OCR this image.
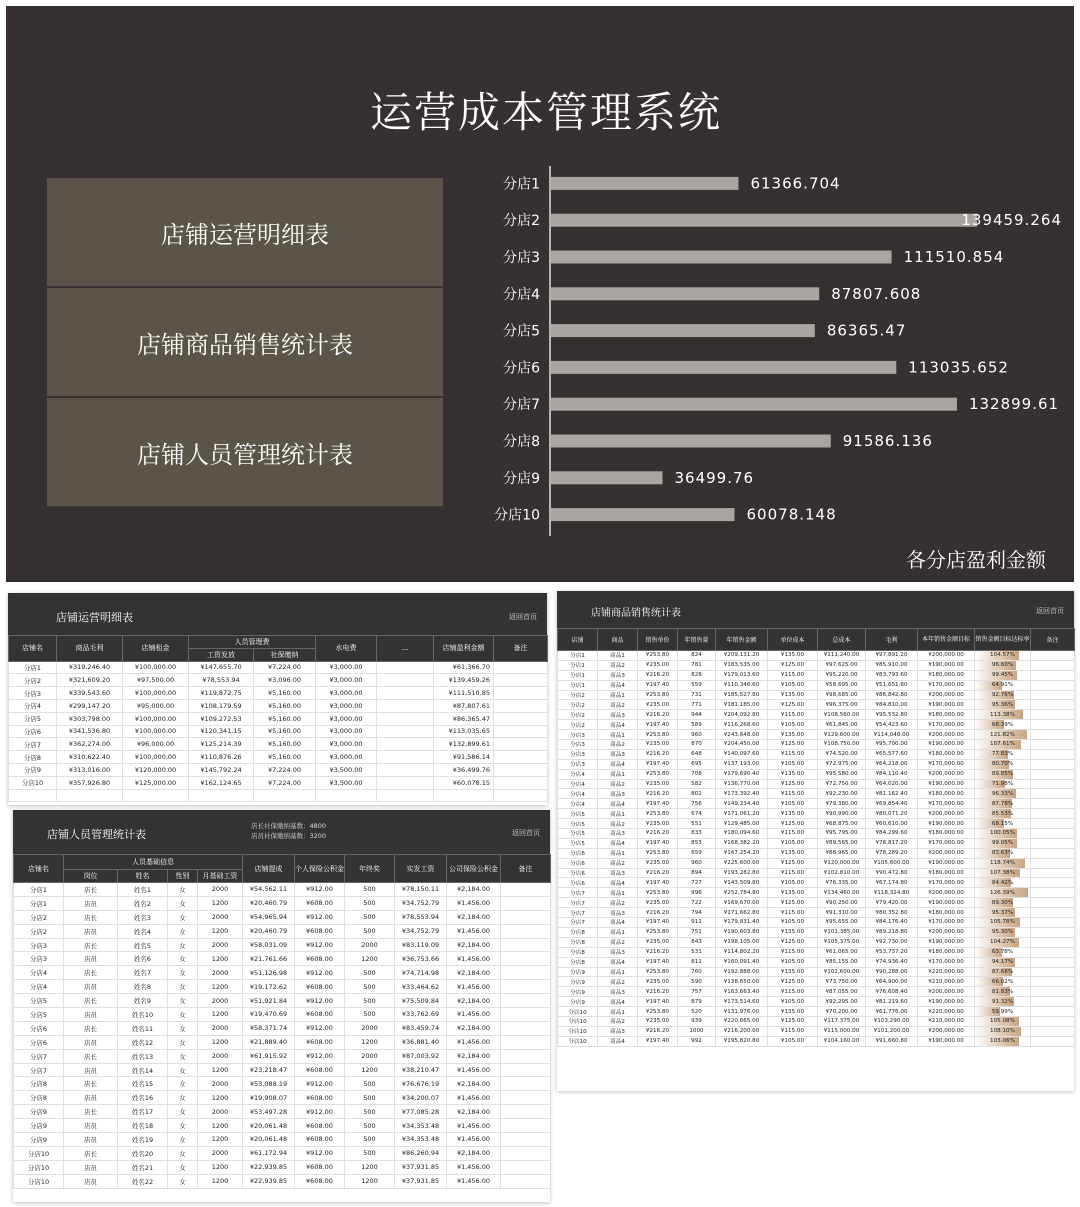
运营成本管理系统
店铺运营明细表
店铺商品销售统计表
店铺人员管理统计表
分店1	61366.704
分店2	139459.264
分店3	111510.854
分店4	87807.608
分店5	86365.47
分店6	113035.652
分店7	132899.61
分店8	91586.136
分店9	36499.76
分店10	60078.148
各分店盈利金额
店铺运营明细表	返回首页
店铺名	商品毛利	店铺租金	人员管理费		水电费	...	店铺盈利金额	备注
			工资发放	社保缴纳				
分店1	¥319,246.40	¥100,000.00	¥147,655.70	¥7,224.00	¥3,000.00		¥61,366.70	
分店2	¥321,609.20	¥97,500.00	¥78,553.94	¥3,096.00	¥3,000.00		¥139,459.26	
分店3	¥339,543.60	¥100,000.00	¥119,872.75	¥5,160.00	¥3,000.00		¥111,510.85	
分店4	¥299,147.20	¥95,000.00	¥108,179.59	¥5,160.00	¥3,000.00		¥87,807.61	
分店5	¥303,798.00	¥100,000.00	¥109,272.53	¥5,160.00	¥3,000.00		¥86,365.47	
分店6	¥341,536.80	¥100,000.00	¥120,341.15	¥5,160.00	¥3,000.00		¥113,035.65	
分店7	¥362,274.00	¥96,000.00	¥125,214.39	¥5,160.00	¥3,000.00		¥132,899.61	
分店8	¥310,622.40	¥100,000.00	¥110,876.26	¥5,160.00	¥3,000.00		¥91,586.14	
分店9	¥313,016.00	¥120,000.00	¥145,792.24	¥7,224.00	¥3,500.00		¥36,499.76	
分店10	¥357,926.80	¥125,000.00	¥162,124.65	¥7,224.00	¥3,500.00		¥60,078.15	

店铺人员管理统计表
店长社保缴纳基数：4800
店员社保缴纳基数：3200	返回首页
店铺名	人员基础信息				店铺提成	个人保险公积金	年终奖	实发工资	公司保险公积金	备注
	岗位	姓名	性别	月基础工资						
分店1	店长	姓名1	女	2000	¥54,562.11	¥912.00	500	¥78,150.11	¥2,184.00	
分店1	店员	姓名2	女	1200	¥20,460.79	¥608.00	500	¥34,752.79	¥1,456.00	
分店2	店长	姓名3	女	2000	¥54,965.94	¥912.00	500	¥78,553.94	¥2,184.00	
分店2	店员	姓名4	女	1200	¥20,460.79	¥608.00	500	¥34,752.79	¥1,456.00	
分店3	店长	姓名5	女	2000	¥58,031.09	¥912.00	2000	¥83,119.09	¥2,184.00	
分店3	店员	姓名6	女	1200	¥21,761.66	¥608.00	1200	¥36,753.66	¥1,456.00	
分店4	店长	姓名7	女	2000	¥51,126.98	¥912.00	500	¥74,714.98	¥2,184.00	
分店4	店员	姓名8	女	1200	¥19,172.62	¥608.00	500	¥33,464.62	¥1,456.00	
分店5	店长	姓名9	女	2000	¥51,921.84	¥912.00	500	¥75,509.84	¥2,184.00	
分店5	店员	姓名10	女	1200	¥19,470.69	¥608.00	500	¥33,762.69	¥1,456.00	
分店6	店长	姓名11	女	2000	¥58,371.74	¥912.00	2000	¥83,459.74	¥2,184.00	
分店6	店员	姓名12	女	1200	¥21,889.40	¥608.00	1200	¥36,881.40	¥1,456.00	
分店7	店长	姓名13	女	2000	¥61,915.92	¥912.00	2000	¥87,003.92	¥2,184.00	
分店7	店员	姓名14	女	1200	¥23,218.47	¥608.00	1200	¥38,210.47	¥1,456.00	
分店8	店长	姓名15	女	2000	¥53,088.19	¥912.00	500	¥76,676.19	¥2,184.00	
分店8	店员	姓名16	女	1200	¥19,908.07	¥608.00	500	¥34,200.07	¥1,456.00	
分店9	店长	姓名17	女	2000	¥53,497.28	¥912.00	500	¥77,085.28	¥2,184.00	
分店9	店员	姓名18	女	1200	¥20,061.48	¥608.00	500	¥34,353.48	¥1,456.00	
分店9	店员	姓名19	女	1200	¥20,061.48	¥608.00	500	¥34,353.48	¥1,456.00	
分店10	店长	姓名20	女	2000	¥61,172.94	¥912.00	500	¥86,260.94	¥2,184.00	
分店10	店员	姓名21	女	1200	¥22,939.85	¥608.00	1200	¥37,931.85	¥1,456.00	
分店10	店员	姓名22	女	1200	¥22,939.85	¥608.00	1200	¥37,931.85	¥1,456.00	
店铺商品销售统计表	返回首页
店铺	商品	销售单价	年销售量	年销售金额	单位成本	总成本	毛利	本年销售金额目标	销售金额目标达标率	备注
分店1	商品1	¥253.80	824	¥209,131.20	¥135.00	¥111,240.00	¥97,891.20	¥200,000.00	104.57%	
分店1	商品2	¥235.00	781	¥183,535.00	¥125.00	¥97,625.00	¥85,910.00	¥190,000.00	96.60%	
分店1	商品3	¥216.20	828	¥179,013.60	¥115.00	¥95,220.00	¥83,793.60	¥180,000.00	99.45%	
分店1	商品4	¥197.40	559	¥110,346.60	¥105.00	¥58,695.00	¥51,651.60	¥170,000.00	64.91%	
分店2	商品1	¥253.80	731	¥185,527.80	¥135.00	¥98,685.00	¥86,842.80	¥200,000.00	92.76%	
分店2	商品2	¥235.00	771	¥181,185.00	¥125.00	¥96,375.00	¥84,810.00	¥190,000.00	95.36%	
分店2	商品3	¥216.20	944	¥204,092.80	¥115.00	¥108,560.00	¥95,532.80	¥180,000.00	113.38%	
分店2	商品4	¥197.40	589	¥116,268.60	¥105.00	¥61,845.00	¥54,423.60	¥170,000.00	68.39%	
分店3	商品1	¥253.80	960	¥243,648.00	¥135.00	¥129,600.00	¥114,048.00	¥200,000.00	121.82%	
分店3	商品2	¥235.00	870	¥204,450.00	¥125.00	¥108,750.00	¥95,700.00	¥190,000.00	107.61%	
分店3	商品3	¥216.20	648	¥140,097.60	¥115.00	¥74,520.00	¥65,577.60	¥180,000.00	77.83%	
分店3	商品4	¥197.40	695	¥137,193.00	¥105.00	¥72,975.00	¥64,218.00	¥170,000.00	80.70%	
分店4	商品1	¥253.80	708	¥179,690.40	¥135.00	¥95,580.00	¥84,110.40	¥200,000.00	89.85%	
分店4	商品2	¥235.00	582	¥136,770.00	¥125.00	¥72,750.00	¥64,020.00	¥190,000.00	71.98%	
分店4	商品3	¥216.20	802	¥173,392.40	¥115.00	¥92,230.00	¥81,162.40	¥180,000.00	96.33%	
分店4	商品4	¥197.40	756	¥149,234.40	¥105.00	¥79,380.00	¥69,854.40	¥170,000.00	87.78%	
分店5	商品1	¥253.80	674	¥171,061.20	¥135.00	¥90,990.00	¥80,071.20	¥200,000.00	85.53%	
分店5	商品2	¥235.00	551	¥129,485.00	¥125.00	¥68,875.00	¥60,610.00	¥190,000.00	68.15%	
分店5	商品3	¥216.20	833	¥180,094.60	¥115.00	¥95,795.00	¥84,299.60	¥180,000.00	100.05%	
分店5	商品4	¥197.40	853	¥168,382.20	¥105.00	¥89,565.00	¥78,817.20	¥170,000.00	99.05%	
分店6	商品1	¥253.80	659	¥167,254.20	¥135.00	¥88,965.00	¥78,289.20	¥200,000.00	83.63%	
分店6	商品2	¥235.00	960	¥225,600.00	¥125.00	¥120,000.00	¥105,600.00	¥190,000.00	118.74%	
分店6	商品3	¥216.20	894	¥193,282.80	¥115.00	¥102,810.00	¥90,472.80	¥180,000.00	107.38%	
分店6	商品4	¥197.40	727	¥143,509.80	¥105.00	¥76,335.00	¥67,174.80	¥170,000.00	84.42%	
分店7	商品1	¥253.80	996	¥252,784.80	¥135.00	¥134,460.00	¥118,324.80	¥200,000.00	126.39%	
分店7	商品2	¥235.00	722	¥169,670.00	¥125.00	¥90,250.00	¥79,420.00	¥190,000.00	89.30%	
分店7	商品3	¥216.20	794	¥171,662.80	¥115.00	¥91,310.00	¥80,352.80	¥180,000.00	95.37%	
分店7	商品4	¥197.40	911	¥179,831.40	¥105.00	¥95,655.00	¥84,176.40	¥170,000.00	105.78%	
分店8	商品1	¥253.80	751	¥190,603.80	¥135.00	¥101,385.00	¥89,218.80	¥200,000.00	95.30%	
分店8	商品2	¥235.00	843	¥198,105.00	¥125.00	¥105,375.00	¥92,730.00	¥190,000.00	104.27%	
分店8	商品3	¥216.20	531	¥114,802.20	¥115.00	¥61,065.00	¥53,737.20	¥180,000.00	63.78%	
分店8	商品4	¥197.40	811	¥160,091.40	¥105.00	¥85,155.00	¥74,936.40	¥170,000.00	94.17%	
分店9	商品1	¥253.80	760	¥192,888.00	¥135.00	¥102,600.00	¥90,288.00	¥220,000.00	87.68%	
分店9	商品2	¥235.00	590	¥138,650.00	¥125.00	¥73,750.00	¥64,900.00	¥210,000.00	66.02%	
分店9	商品3	¥216.20	757	¥163,663.40	¥115.00	¥87,055.00	¥76,608.40	¥200,000.00	81.83%	
分店9	商品4	¥197.40	879	¥173,514.60	¥105.00	¥92,295.00	¥81,219.60	¥190,000.00	91.32%	
分店10	商品1	¥253.80	520	¥131,976.00	¥135.00	¥70,200.00	¥61,776.00	¥220,000.00	59.99%	
分店10	商品2	¥235.00	939	¥220,665.00	¥125.00	¥117,375.00	¥103,290.00	¥210,000.00	105.08%	
分店10	商品3	¥216.20	1000	¥216,200.00	¥115.00	¥115,000.00	¥101,200.00	¥200,000.00	108.10%	
分店10	商品4	¥197.40	992	¥195,820.80	¥105.00	¥104,160.00	¥91,660.80	¥190,000.00	103.06%	
